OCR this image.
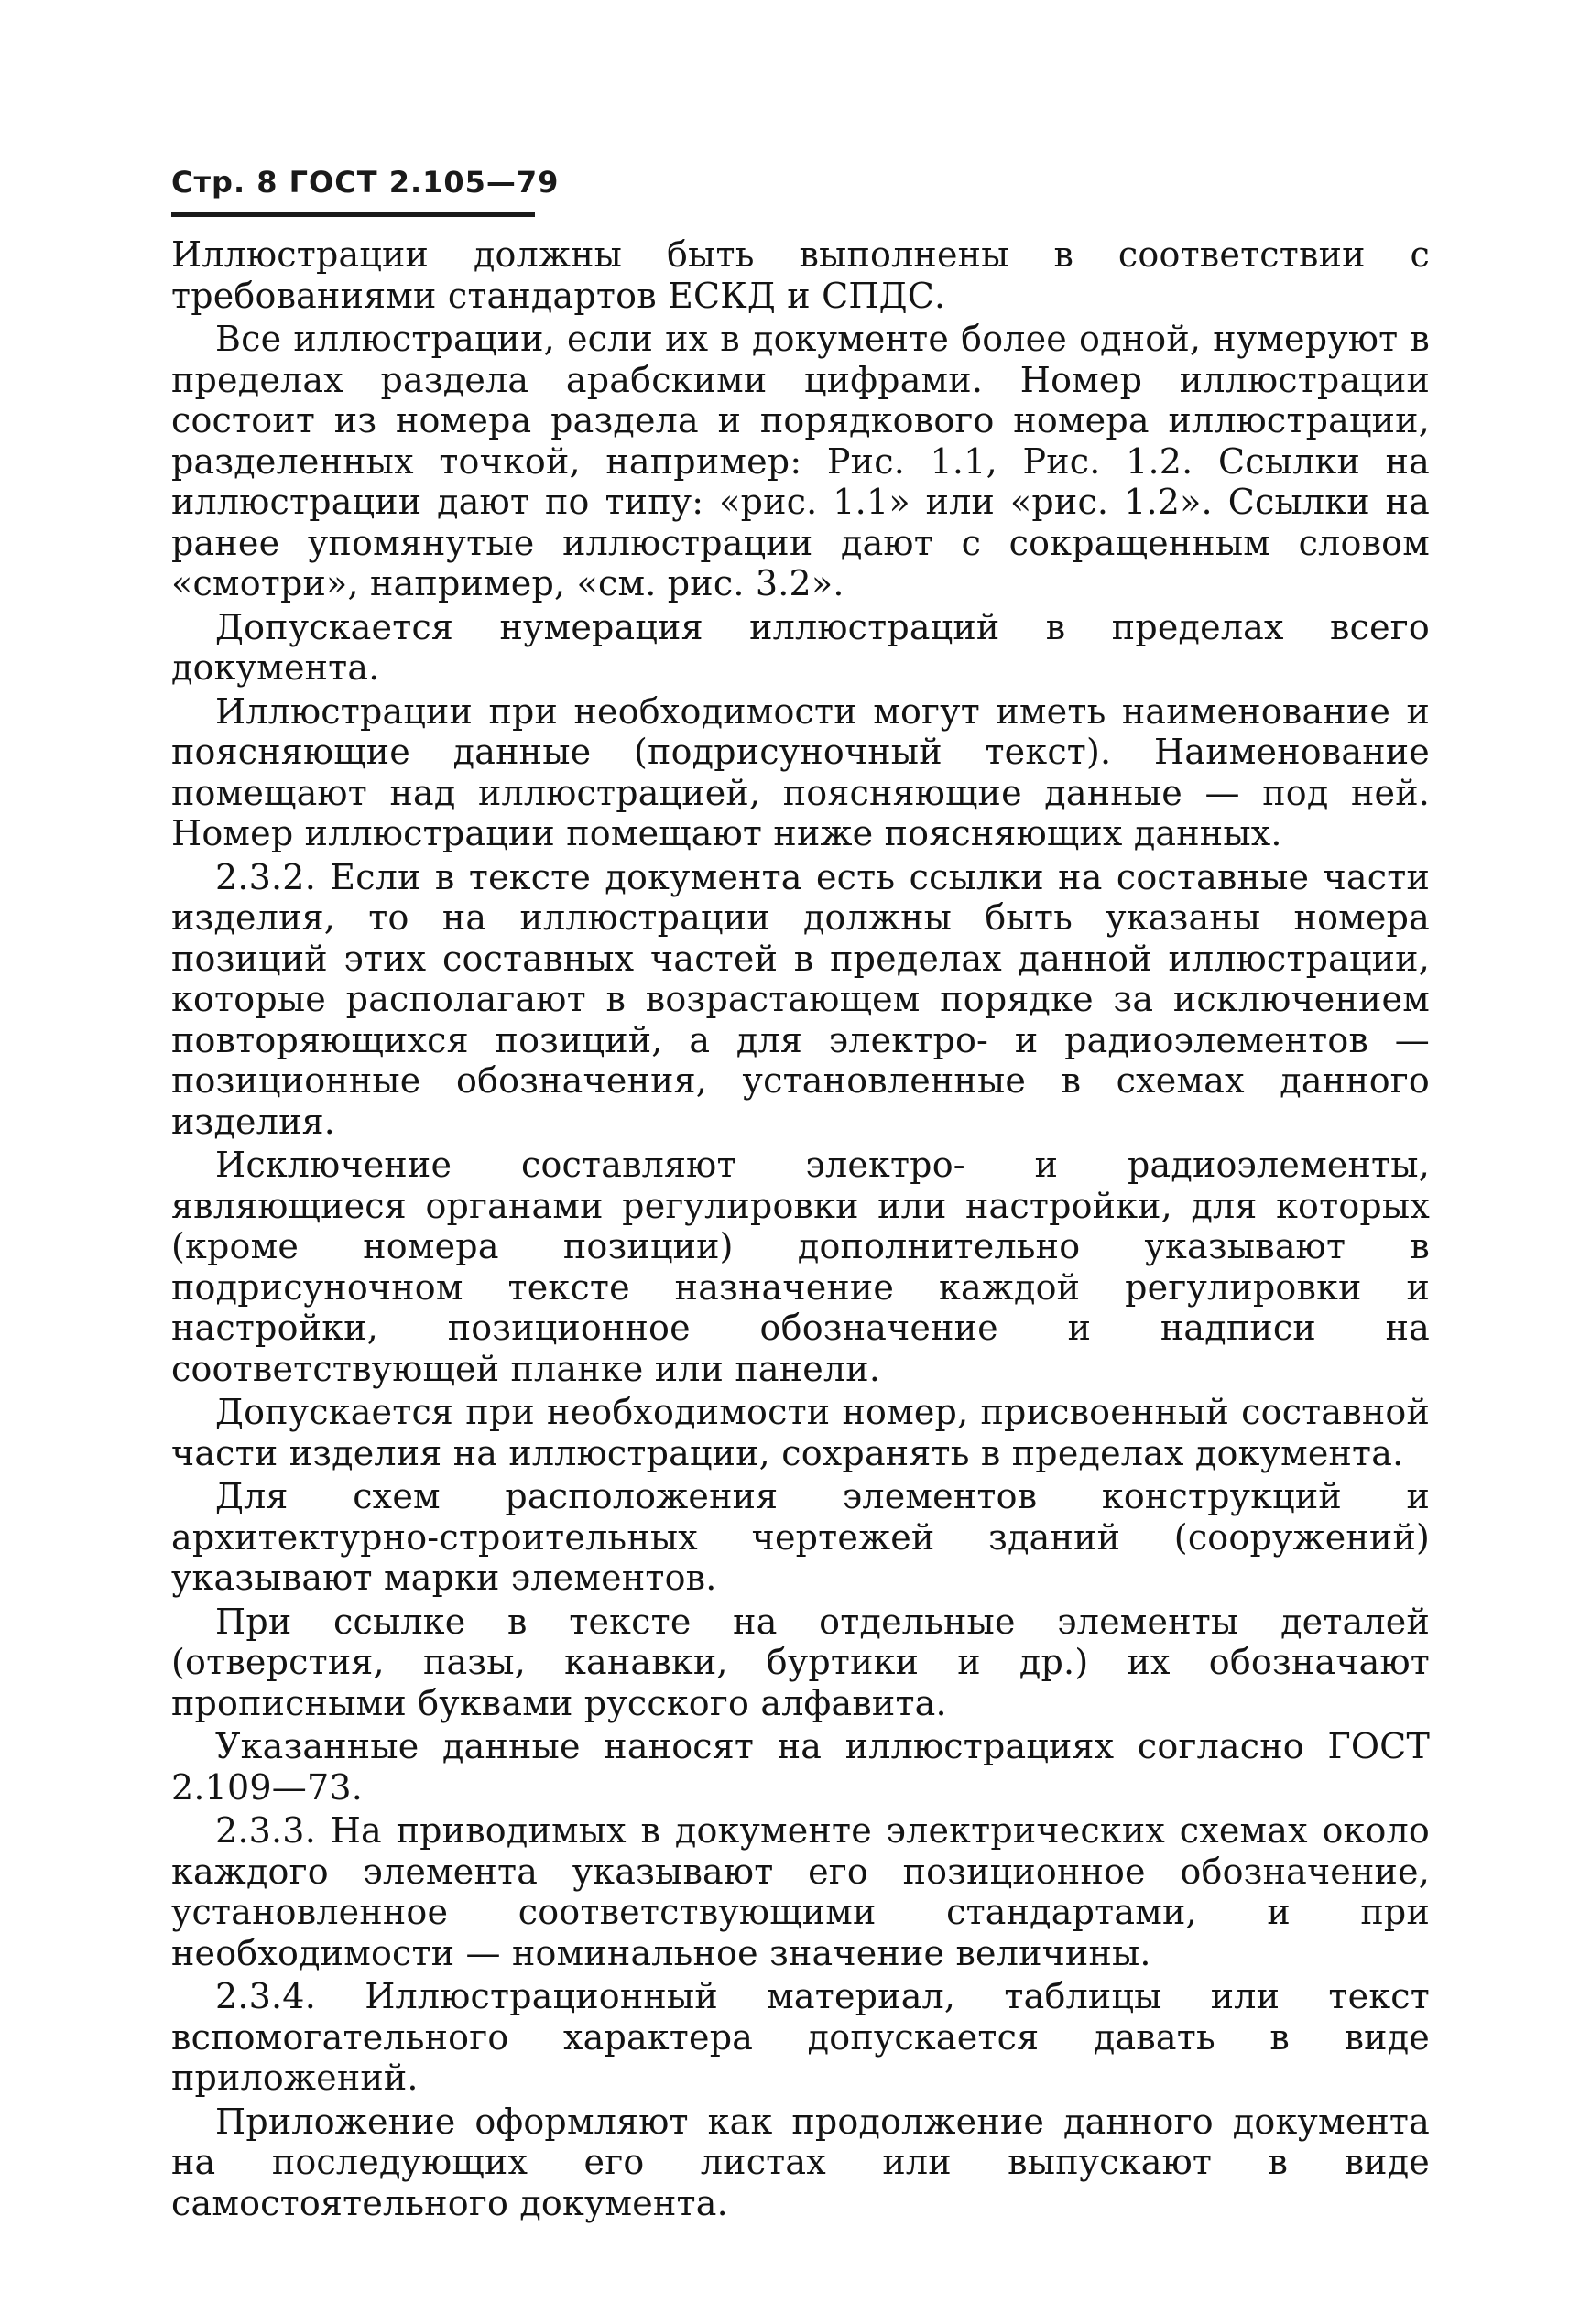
Стр. 8 ГОСТ 2.105—79

Иллюстрации должны быть выполнены в соответствии с требованиями стандартов ЕСКД и СПДС.

Все иллюстрации, если их в документе более одной, нумеруют в пределах раздела арабскими цифрами. Номер иллюстрации состоит из номера раздела и порядкового номера иллюстрации, разделенных точкой, например: Рис. 1.1, Рис. 1.2. Ссылки на иллюстрации дают по типу: «рис. 1.1» или «рис. 1.2». Ссылки на ранее упомянутые иллюстрации дают с сокращенным словом «смотри», например, «см. рис. 3.2».

Допускается нумерация иллюстраций в пределах всего документа.

Иллюстрации при необходимости могут иметь наименование и поясняющие данные (подрисуночный текст). Наименование помещают над иллюстрацией, поясняющие данные — под ней. Номер иллюстрации помещают ниже поясняющих данных.

2.3.2. Если в тексте документа есть ссылки на составные части изделия, то на иллюстрации должны быть указаны номера позиций этих составных частей в пределах данной иллюстрации, которые располагают в возрастающем порядке за исключением повторяющихся позиций, а для электро- и радиоэлементов — позиционные обозначения, установленные в схемах данного изделия.

Исключение составляют электро- и радиоэлементы, являющиеся органами регулировки или настройки, для которых (кроме номера позиции) дополнительно указывают в подрисуночном тексте назначение каждой регулировки и настройки, позиционное обозначение и надписи на соответствующей планке или панели.

Допускается при необходимости номер, присвоенный составной части изделия на иллюстрации, сохранять в пределах документа.

Для схем расположения элементов конструкций и архитектурно-строительных чертежей зданий (сооружений) указывают марки элементов.

При ссылке в тексте на отдельные элементы деталей (отверстия, пазы, канавки, буртики и др.) их обозначают прописными буквами русского алфавита.

Указанные данные наносят на иллюстрациях согласно ГОСТ 2.109—73.

2.3.3. На приводимых в документе электрических схемах около каждого элемента указывают его позиционное обозначение, установленное соответствующими стандартами, и при необходимости — номинальное значение величины.

2.3.4. Иллюстрационный материал, таблицы или текст вспомогательного характера допускается давать в виде приложений.

Приложение оформляют как продолжение данного документа на последующих его листах или выпускают в виде самостоятельного документа.
